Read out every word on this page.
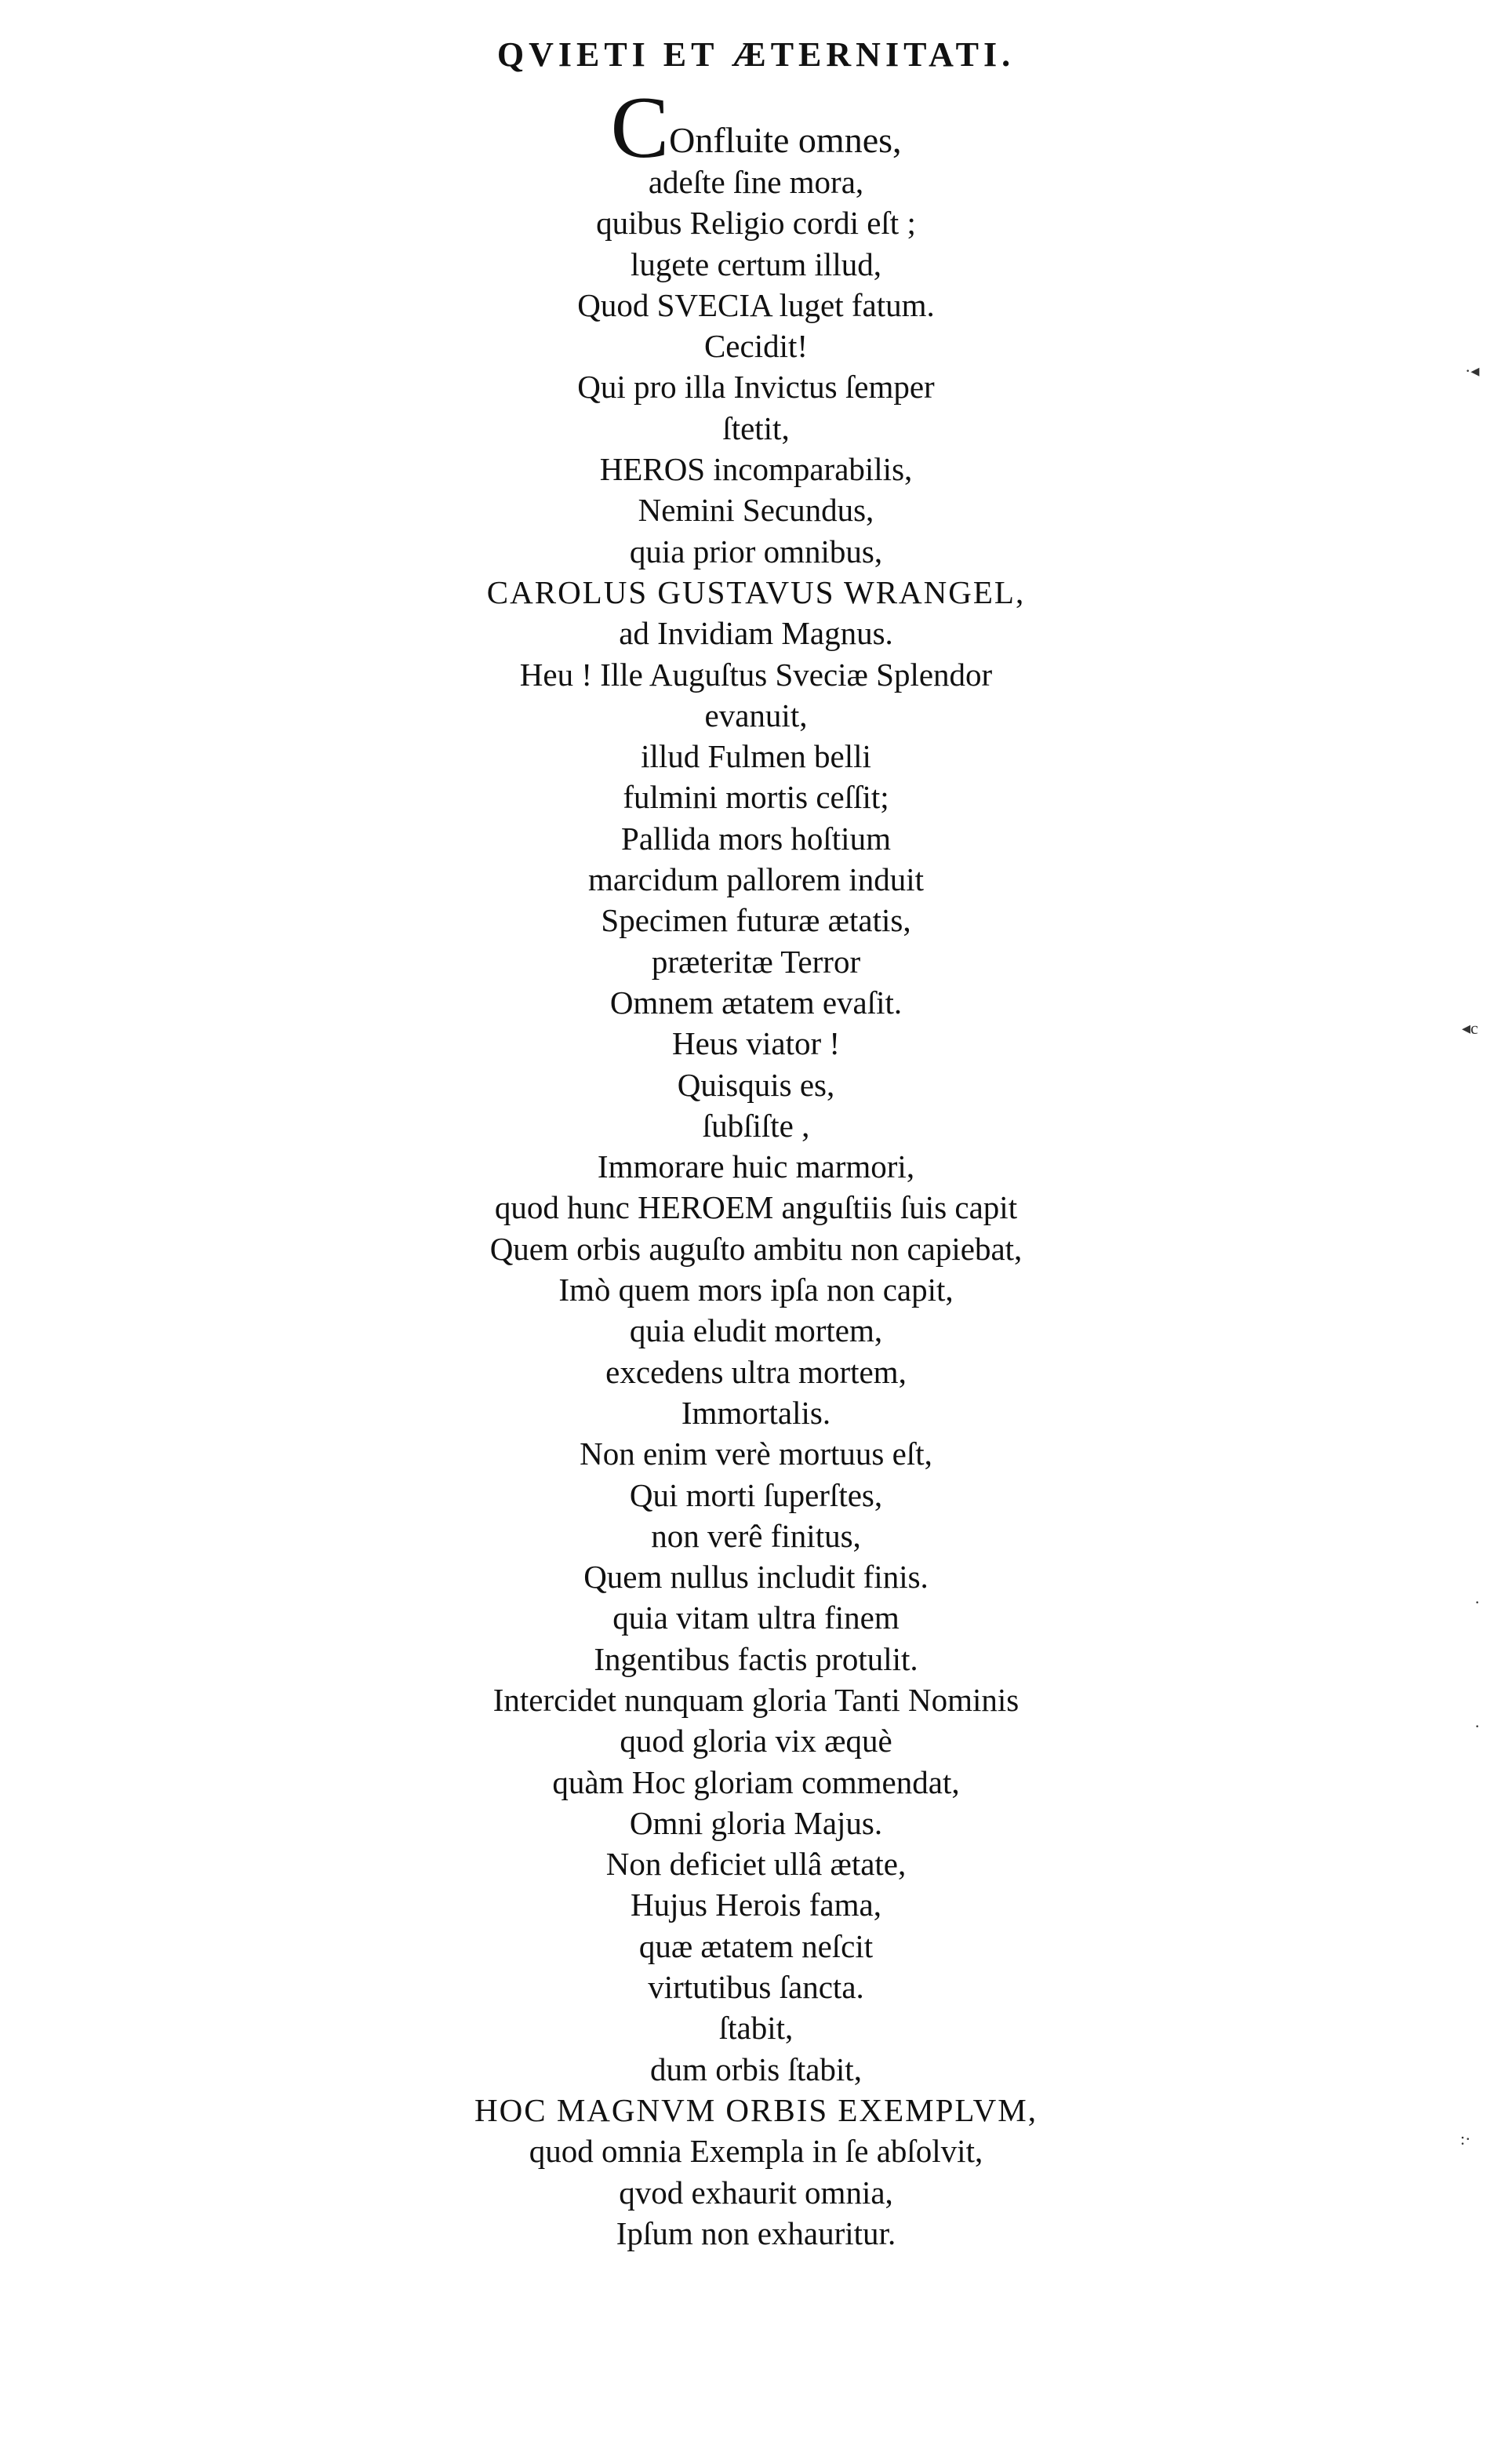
QVIETI ET ÆTERNITATI.
COnfluite omnes,
adeſte ſine mora,
quibus Religio cordi eſt ;
lugete certum illud,
Quod SVECIA luget fatum.
Cecidit!
Qui pro illa Invictus ſemper
ſtetit,
HEROS incomparabilis,
Nemini Secundus,
quia prior omnibus,
CAROLUS GUSTAVUS WRANGEL,
ad Invidiam Magnus.
Heu ! Ille Auguſtus Sveciæ Splendor
evanuit,
illud Fulmen belli
fulmini mortis ceſſit;
Pallida mors hoſtium
marcidum pallorem induit
Specimen futuræ ætatis,
præteritæ Terror
Omnem ætatem evaſit.
Heus viator !
Quisquis es,
ſubſiſte ,
Immorare huic marmori,
quod hunc HEROEM anguſtiis ſuis capit
Quem orbis auguſto ambitu non capiebat,
Imò quem mors ipſa non capit,
quia eludit mortem,
excedens ultra mortem,
Immortalis.
Non enim verè mortuus eſt,
Qui morti ſuperſtes,
non verê finitus,
Quem nullus includit finis.
quia vitam ultra finem
Ingentibus factis protulit.
Intercidet nunquam gloria Tanti Nominis
quod gloria vix æquè
quàm Hoc gloriam commendat,
Omni gloria Majus.
Non deficiet ullâ ætate,
Hujus Herois fama,
quæ ætatem neſcit
virtutibus ſancta.
ſtabit,
dum orbis ſtabit,
HOC MAGNVM ORBIS EXEMPLVM,
quod omnia Exempla in ſe abſolvit,
qvod exhaurit omnia,
Ipſum non exhauritur.
·◂
◂c
·
·
:·
